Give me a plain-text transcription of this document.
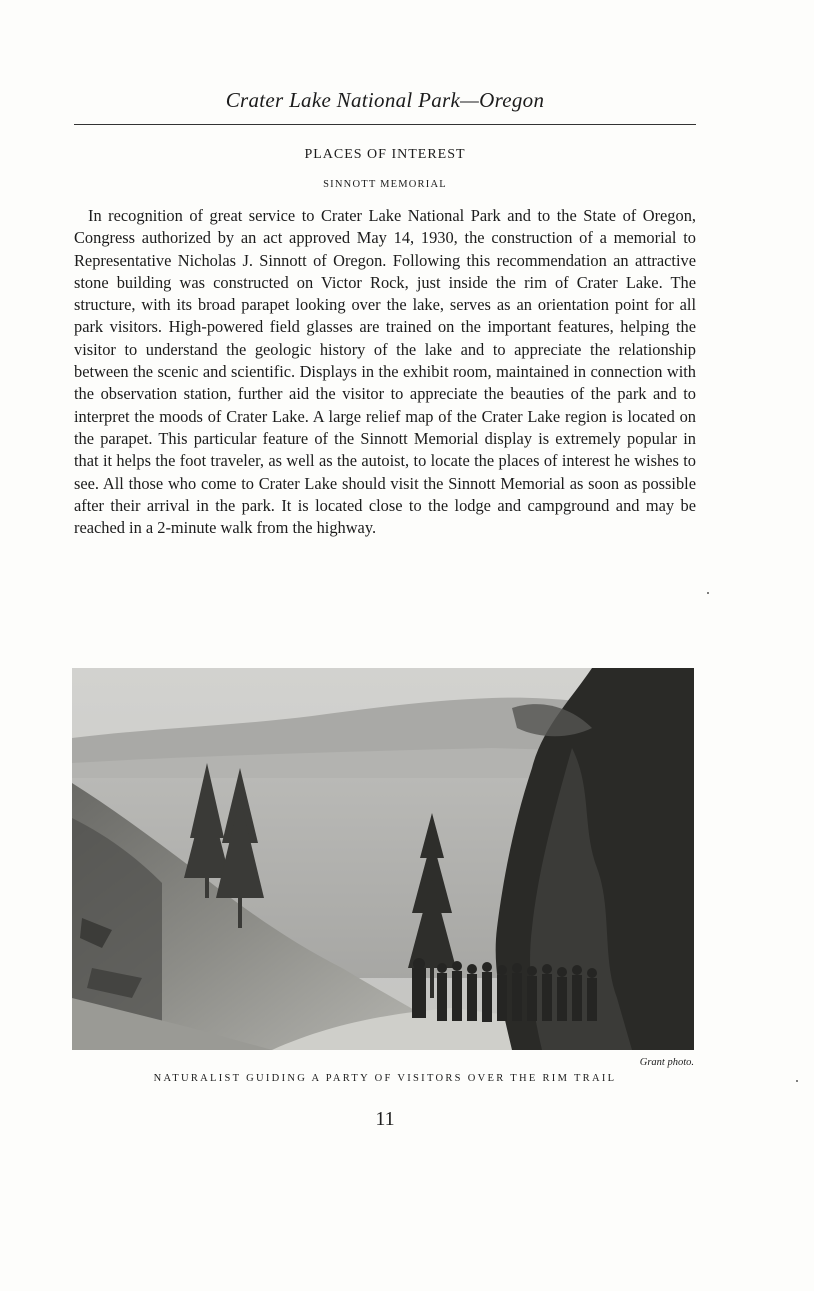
Crater Lake National Park—Oregon
PLACES OF INTEREST
SINNOTT MEMORIAL

In recognition of great service to Crater Lake National Park and to the State of Oregon, Congress authorized by an act approved May 14, 1930, the construction of a memorial to Representative Nicholas J. Sinnott of Oregon. Following this recommendation an attractive stone building was constructed on Victor Rock, just inside the rim of Crater Lake. The structure, with its broad parapet looking over the lake, serves as an orientation point for all park visitors. High-powered field glasses are trained on the important features, helping the visitor to understand the geologic history of the lake and to appreciate the relationship between the scenic and scientific. Displays in the exhibit room, maintained in connection with the observation station, further aid the visitor to appreciate the beauties of the park and to interpret the moods of Crater Lake. A large relief map of the Crater Lake region is located on the parapet. This particular feature of the Sinnott Memorial display is extremely popular in that it helps the foot traveler, as well as the autoist, to locate the places of interest he wishes to see. All those who come to Crater Lake should visit the Sinnott Memorial as soon as possible after their arrival in the park. It is located close to the lodge and campground and may be reached in a 2-minute walk from the highway.

Grant photo.
NATURALIST GUIDING A PARTY OF VISITORS OVER THE RIM TRAIL
11
